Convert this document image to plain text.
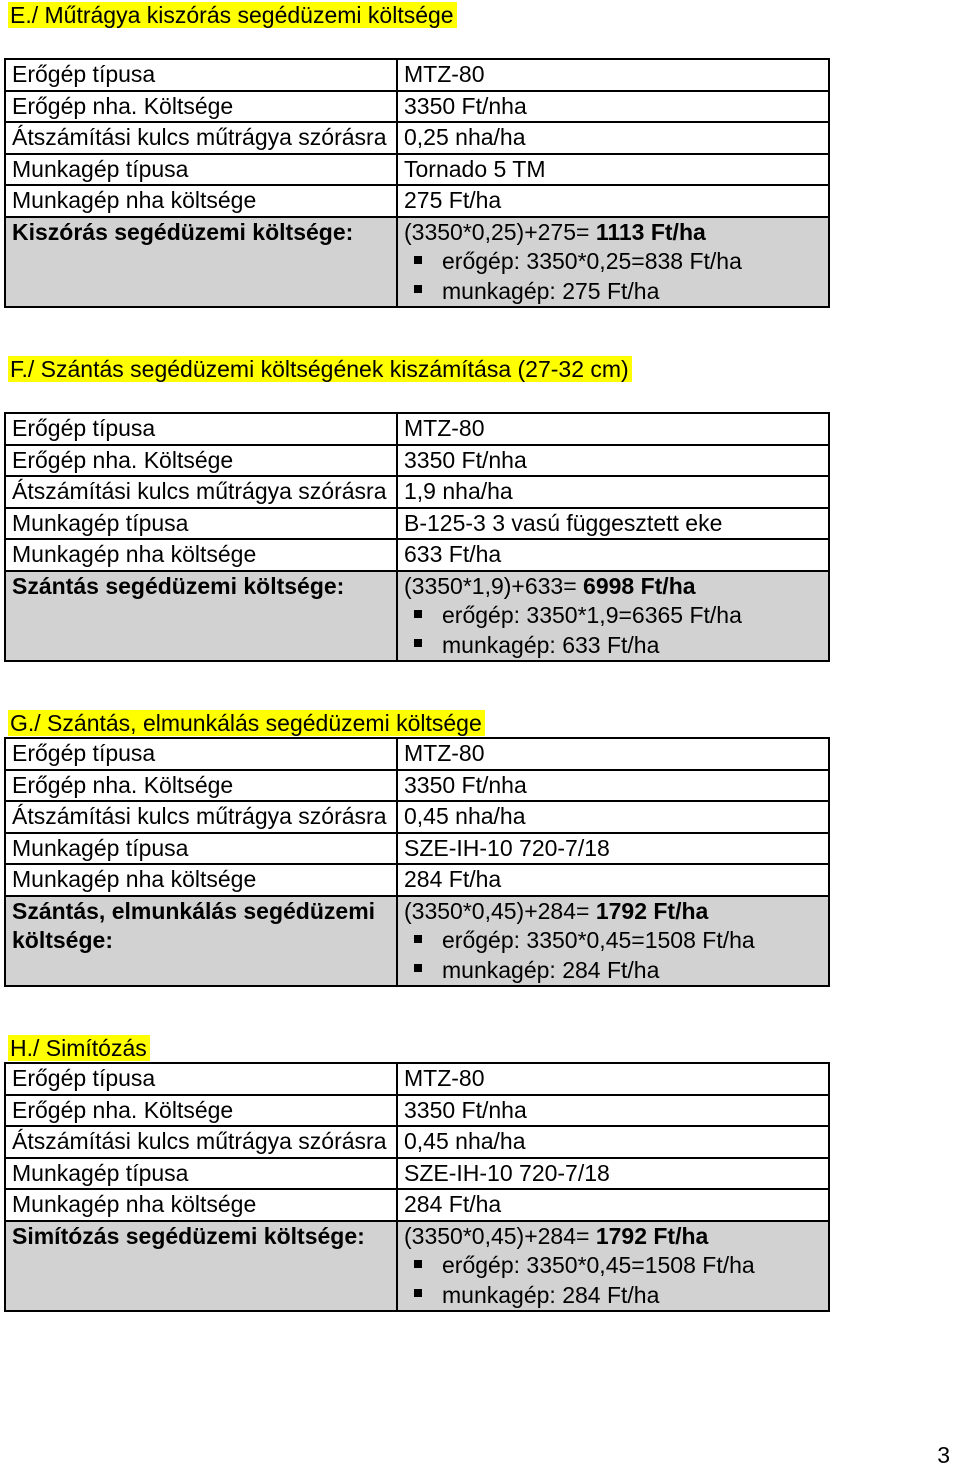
E./ Műtrágya kiszórás segédüzemi költsége
Erőgép típusa	MTZ-80
Erőgép nha. Költsége	3350 Ft/nha
Átszámítási kulcs műtrágya szórásra	0,25 nha/ha
Munkagép típusa	Tornado 5 TM
Munkagép nha költsége	275 Ft/ha
Kiszórás segédüzemi költsége:	(3350*0,25)+275= 1113 Ft/ha
erőgép: 3350*0,25=838 Ft/ha
munkagép: 275 Ft/ha
F./ Szántás segédüzemi költségének kiszámítása (27-32 cm)
Erőgép típusa	MTZ-80
Erőgép nha. Költsége	3350 Ft/nha
Átszámítási kulcs műtrágya szórásra	1,9 nha/ha
Munkagép típusa	B-125-3 3 vasú függesztett eke
Munkagép nha költsége	633 Ft/ha
Szántás segédüzemi költsége:	(3350*1,9)+633= 6998 Ft/ha
erőgép: 3350*1,9=6365 Ft/ha
munkagép: 633 Ft/ha
G./ Szántás, elmunkálás segédüzemi költsége
Erőgép típusa	MTZ-80
Erőgép nha. Költsége	3350 Ft/nha
Átszámítási kulcs műtrágya szórásra	0,45 nha/ha
Munkagép típusa	SZE-IH-10 720-7/18
Munkagép nha költsége	284 Ft/ha
Szántás, elmunkálás segédüzemi költsége:	(3350*0,45)+284= 1792 Ft/ha
erőgép: 3350*0,45=1508 Ft/ha
munkagép: 284 Ft/ha
H./ Simítózás
Erőgép típusa	MTZ-80
Erőgép nha. Költsége	3350 Ft/nha
Átszámítási kulcs műtrágya szórásra	0,45 nha/ha
Munkagép típusa	SZE-IH-10 720-7/18
Munkagép nha költsége	284 Ft/ha
Simítózás segédüzemi költsége:	(3350*0,45)+284= 1792 Ft/ha
erőgép: 3350*0,45=1508 Ft/ha
munkagép: 284 Ft/ha
3
